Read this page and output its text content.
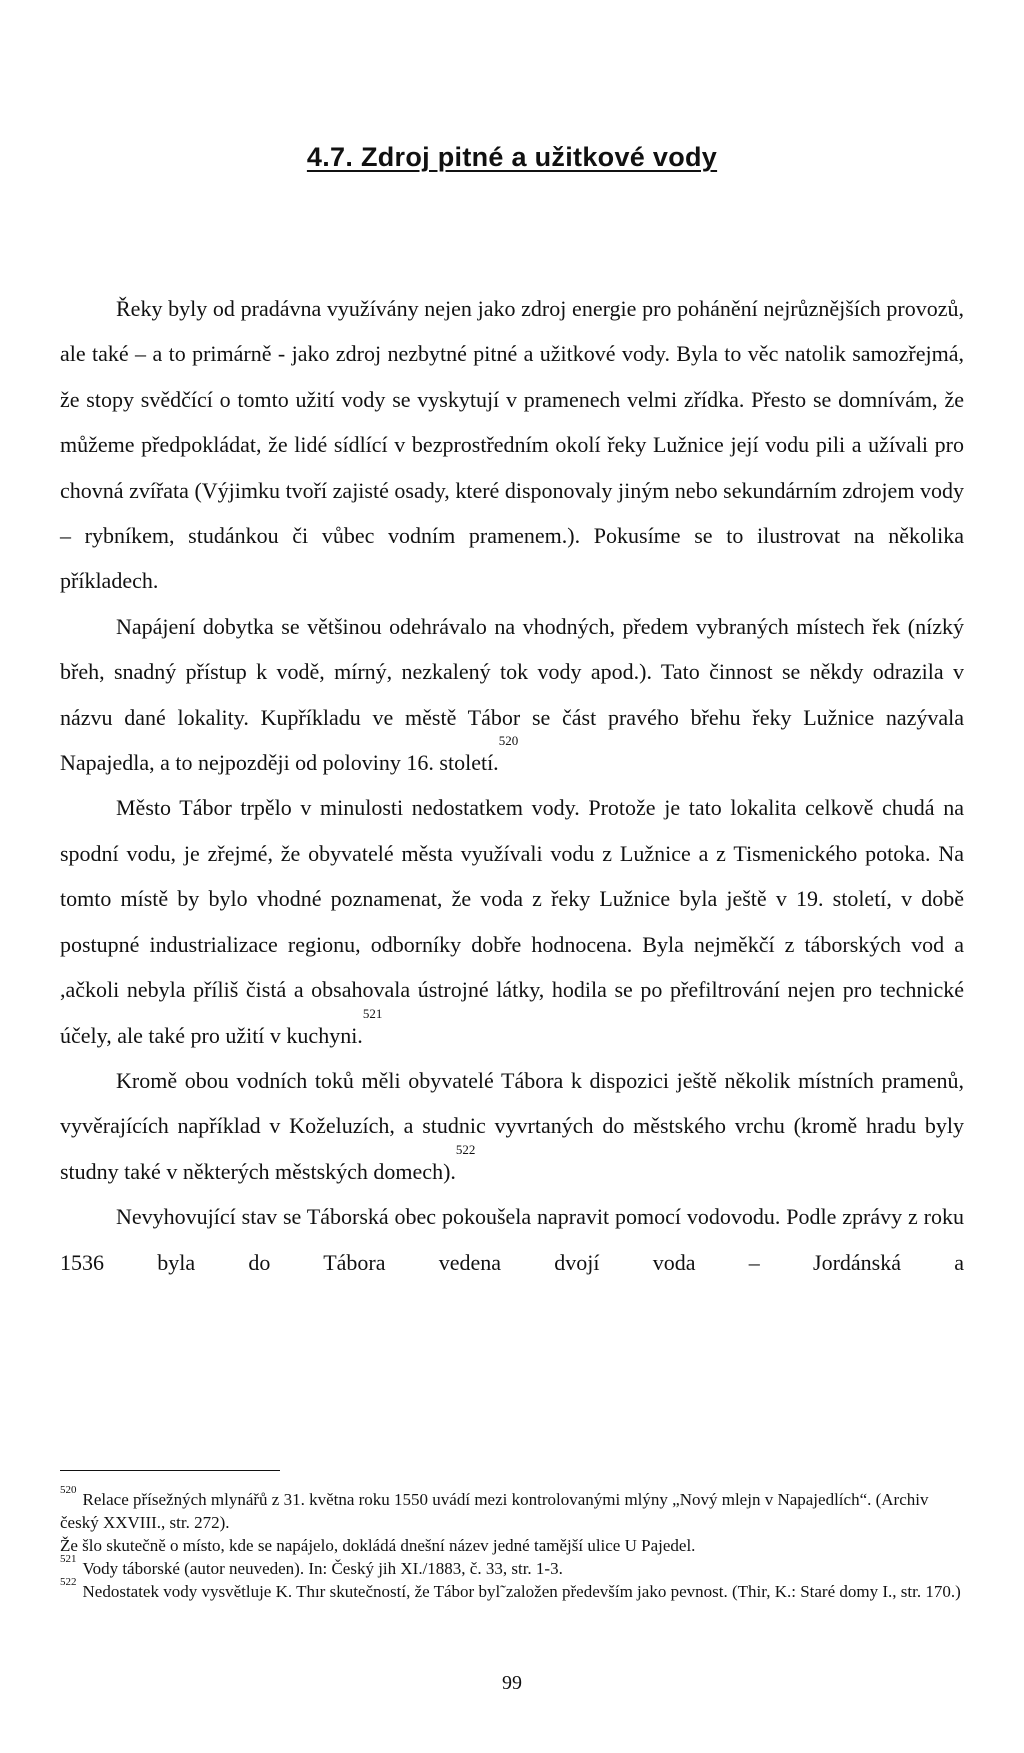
4.7. Zdroj pitné a užitkové vody

Řeky byly od pradávna využívány nejen jako zdroj energie pro pohánění nejrůznějších provozů, ale také – a to primárně - jako zdroj nezbytné pitné a užitkové vody. Byla to věc natolik samozřejmá, že stopy svědčící o tomto užití vody se vyskytují v pramenech velmi zřídka. Přesto se domnívám, že můžeme předpokládat, že lidé sídlící v bezprostředním okolí řeky Lužnice její vodu pili a užívali pro chovná zvířata (Výjimku tvoří zajisté osady, které disponovaly jiným nebo sekundárním zdrojem vody – rybníkem, studánkou či vůbec vodním pramenem.). Pokusíme se to ilustrovat na několika příkladech.

Napájení dobytka se většinou odehrávalo na vhodných, předem vybraných místech řek (nízký břeh, snadný přístup k vodě, mírný, nezkalený tok vody apod.). Tato činnost se někdy odrazila v názvu dané lokality. Kupříkladu ve městě Tábor se část pravého břehu řeky Lužnice nazývala Napajedla, a to nejpozději od poloviny 16. století.$^{520}$

Město Tábor trpělo v minulosti nedostatkem vody. Protože je tato lokalita celkově chudá na spodní vodu, je zřejmé, že obyvatelé města využívali vodu z Lužnice a z Tismenického potoka. Na tomto místě by bylo vhodné poznamenat, že voda z řeky Lužnice byla ještě v 19. století, v době postupné industrializace regionu, odborníky dobře hodnocena. Byla nejměkčí z táborských vod a ,ačkoli nebyla příliš čistá a obsahovala ústrojné látky, hodila se po přefiltrování nejen pro technické účely, ale také pro užití v kuchyni.$^{521}$

Kromě obou vodních toků měli obyvatelé Tábora k dispozici ještě několik místních pramenů, vyvěrajících například v Koželuzích, a studnic vyvrtaných do městského vrchu (kromě hradu byly studny také v některých městských domech).$^{522}$

Nevyhovující stav se Táborská obec pokoušela napravit pomocí vodovodu. Podle zprávy z roku 1536 byla do Tábora vedena dvojí voda – Jordánská a

$^{520}$ Relace přísežných mlynářů z 31. května roku 1550 uvádí mezi kontrolovanými mlýny „Nový mlejn v Napajedlích“. (Archiv český XXVIII., str. 272).

Že šlo skutečně o místo, kde se napájelo, dokládá dnešní název jedné tamější ulice U Pajedel.

$^{521}$ Vody táborské (autor neuveden). In: Český jih XI./1883, č. 33, str. 1-3.

$^{522}$ Nedostatek vody vysvětluje K. Thır skutečností, že Tábor byl˜založen především jako pevnost. (Thir, K.: Staré domy I., str. 170.)

99
